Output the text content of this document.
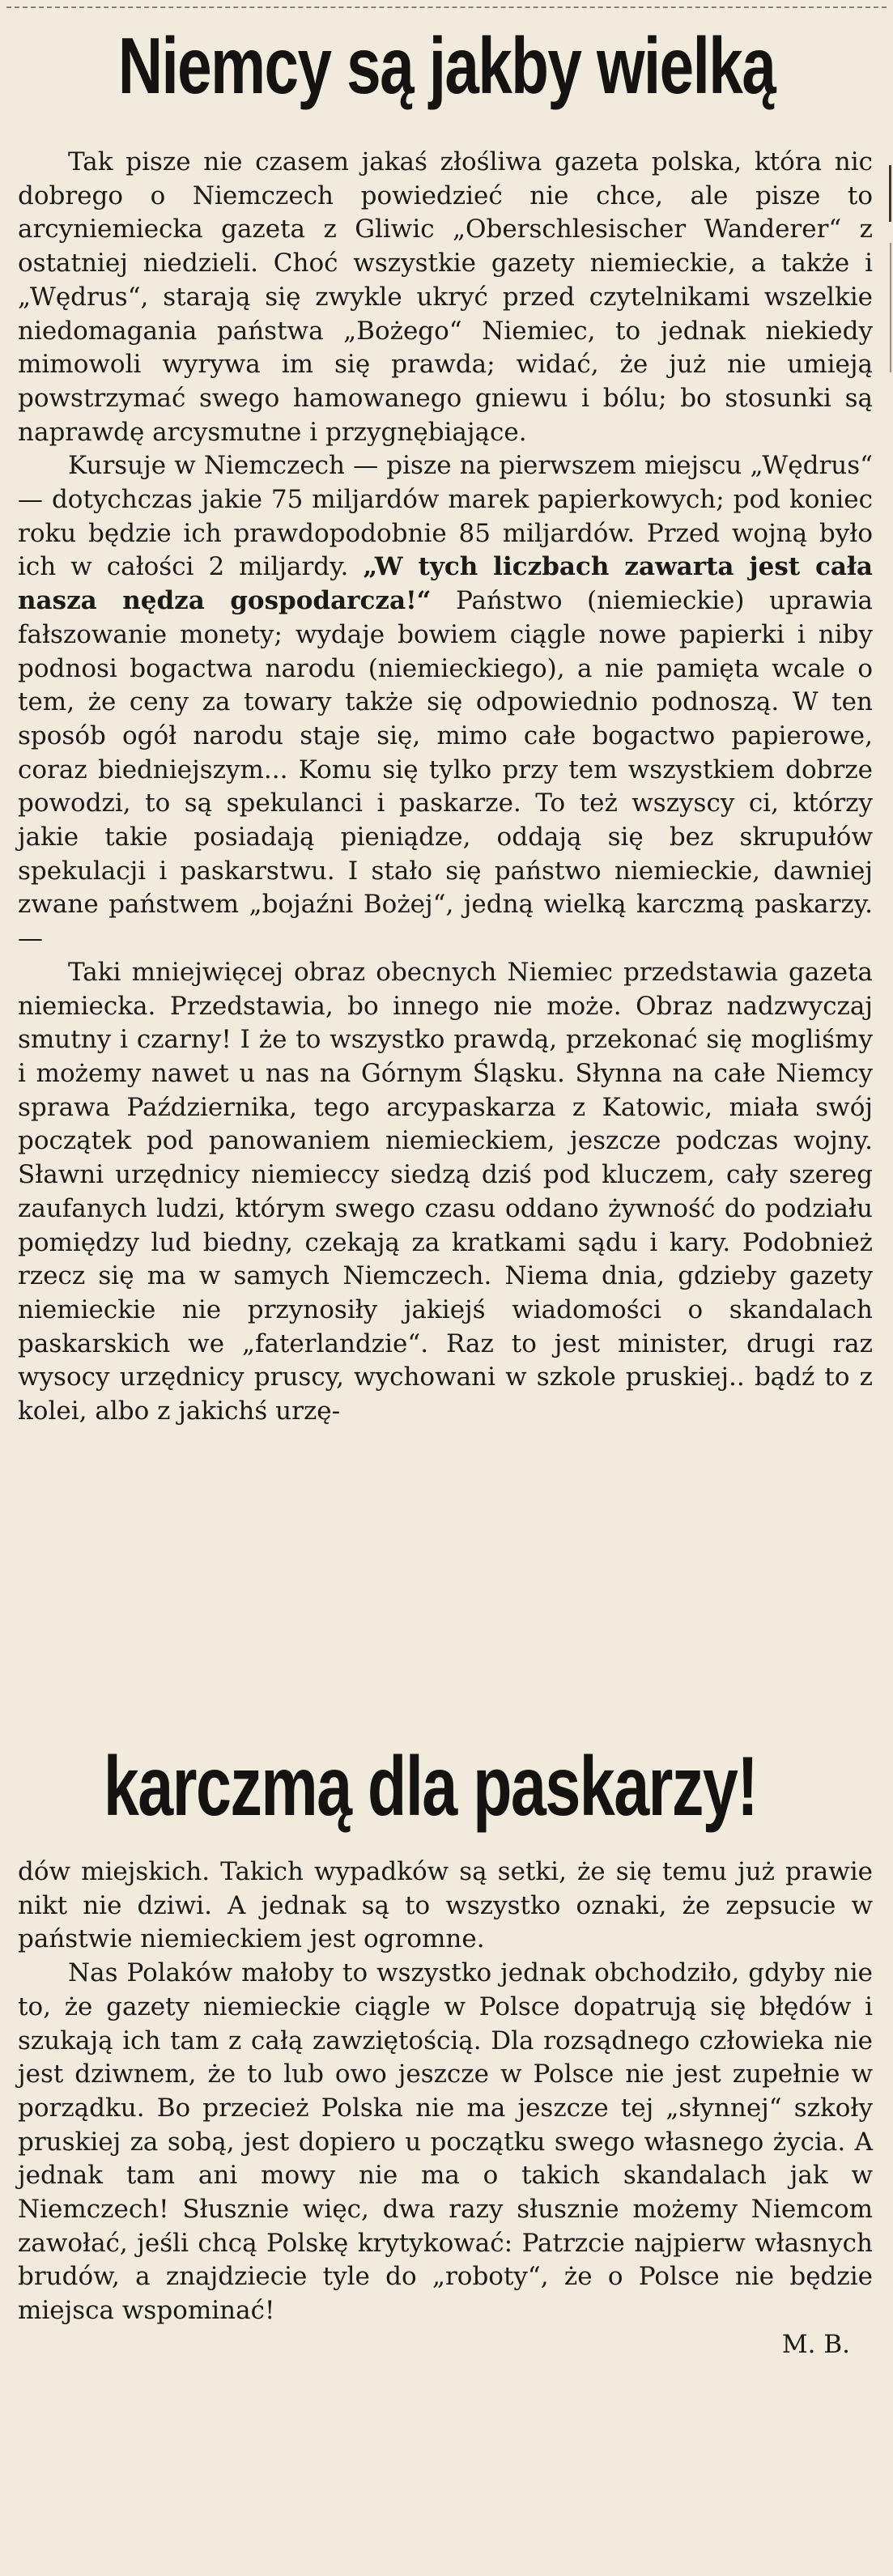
Niemcy są jakby wielką

Tak pisze nie czasem jakaś złośliwa gazeta polska, która nic dobrego o Niemczech powiedzieć nie chce, ale pisze to arcyniemiecka gazeta z Gliwic „Oberschlesischer Wanderer“ z ostatniej niedzieli. Choć wszystkie gazety niemieckie, a także i „Wędrus“, starają się zwykle ukryć przed czytelnikami wszelkie niedomagania państwa „Bożego“ Niemiec, to jednak niekiedy mimowoli wyrywa im się prawda; widać, że już nie umieją powstrzymać swego hamowanego gniewu i bólu; bo stosunki są naprawdę arcysmutne i przygnębiające.

Kursuje w Niemczech — pisze na pierwszem miejscu „Wędrus“ — dotychczas jakie 75 miljardów marek papierkowych; pod koniec roku będzie ich prawdopodobnie 85 miljardów. Przed wojną było ich w całości 2 miljardy. „W tych liczbach zawarta jest cała nasza nędza gospodarcza!“ Państwo (niemieckie) uprawia fałszowanie monety; wydaje bowiem ciągle nowe papierki i niby podnosi bogactwa narodu (niemieckiego), a nie pamięta wcale o tem, że ceny za towary także się odpowiednio podnoszą. W ten sposób ogół narodu staje się, mimo całe bogactwo papierowe, coraz biedniejszym... Komu się tylko przy tem wszystkiem dobrze powodzi, to są spekulanci i paskarze. To też wszyscy ci, którzy jakie takie posiadają pieniądze, oddają się bez skrupułów spekulacji i paskarstwu. I stało się państwo niemieckie, dawniej zwane państwem „bojaźni Bożej“, jedną wielką karczmą paskarzy. —

Taki mniejwięcej obraz obecnych Niemiec przedstawia gazeta niemiecka. Przedstawia, bo innego nie może. Obraz nadzwyczaj smutny i czarny! I że to wszystko prawdą, przekonać się mogliśmy i możemy nawet u nas na Górnym Śląsku. Słynna na całe Niemcy sprawa Października, tego arcypaskarza z Katowic, miała swój początek pod panowaniem niemieckiem, jeszcze podczas wojny. Sławni urzędnicy niemieccy siedzą dziś pod kluczem, cały szereg zaufanych ludzi, którym swego czasu oddano żywność do podziału pomiędzy lud biedny, czekają za kratkami sądu i kary. Podobnież rzecz się ma w samych Niemczech. Niema dnia, gdzieby gazety niemieckie nie przynosiły jakiejś wiadomości o skandalach paskarskich we „faterlandzie“. Raz to jest minister, drugi raz wysocy urzędnicy pruscy, wychowani w szkole pruskiej.. bądź to z kolei, albo z jakichś urzę-

karczmą dla paskarzy!

dów miejskich. Takich wypadków są setki, że się temu już prawie nikt nie dziwi. A jednak są to wszystko oznaki, że zepsucie w państwie niemieckiem jest ogromne.

Nas Polaków małoby to wszystko jednak obchodziło, gdyby nie to, że gazety niemieckie ciągle w Polsce dopatrują się błędów i szukają ich tam z całą zawziętością. Dla rozsądnego człowieka nie jest dziwnem, że to lub owo jeszcze w Polsce nie jest zupełnie w porządku. Bo przecież Polska nie ma jeszcze tej „słynnej“ szkoły pruskiej za sobą, jest dopiero u początku swego własnego życia. A jednak tam ani mowy nie ma o takich skandalach jak w Niemczech! Słusznie więc, dwa razy słusznie możemy Niemcom zawołać, jeśli chcą Polskę krytykować: Patrzcie najpierw własnych brudów, a znajdziecie tyle do „roboty“, że o Polsce nie będzie miejsca wspominać!

M. B.
